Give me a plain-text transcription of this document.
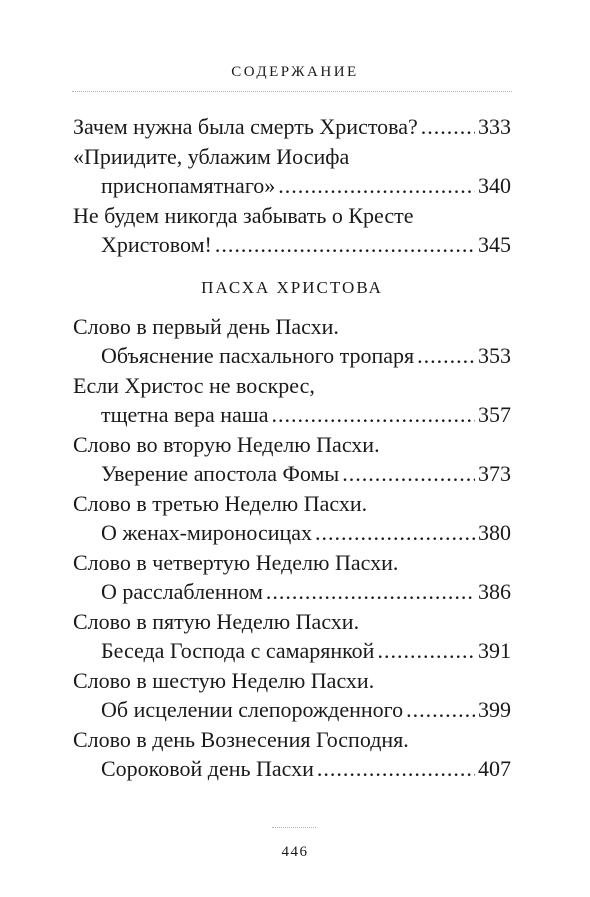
СОДЕРЖАНИЕ
Зачем нужна была смерть Христова? .....	333
«Приидите, ублажим Иосифа
приснопамятнаго» .....	340
Не будем никогда забывать о Кресте
Христовом! .....	345
ПАСХА ХРИСТОВА
Слово в первый день Пасхи.
Объяснение пасхального тропаря .....	353
Если Христос не воскрес,
тщетна вера наша .....	357
Слово во вторую Неделю Пасхи.
Уверение апостола Фомы .....	373
Слово в третью Неделю Пасхи.
О женах-мироносицах .....	380
Слово в четвертую Неделю Пасхи.
О расслабленном .....	386
Слово в пятую Неделю Пасхи.
Беседа Господа с самарянкой .....	391
Слово в шестую Неделю Пасхи.
Об исцелении слепорожденного .....	399
Слово в день Вознесения Господня.
Сороковой день Пасхи .....	407
446
